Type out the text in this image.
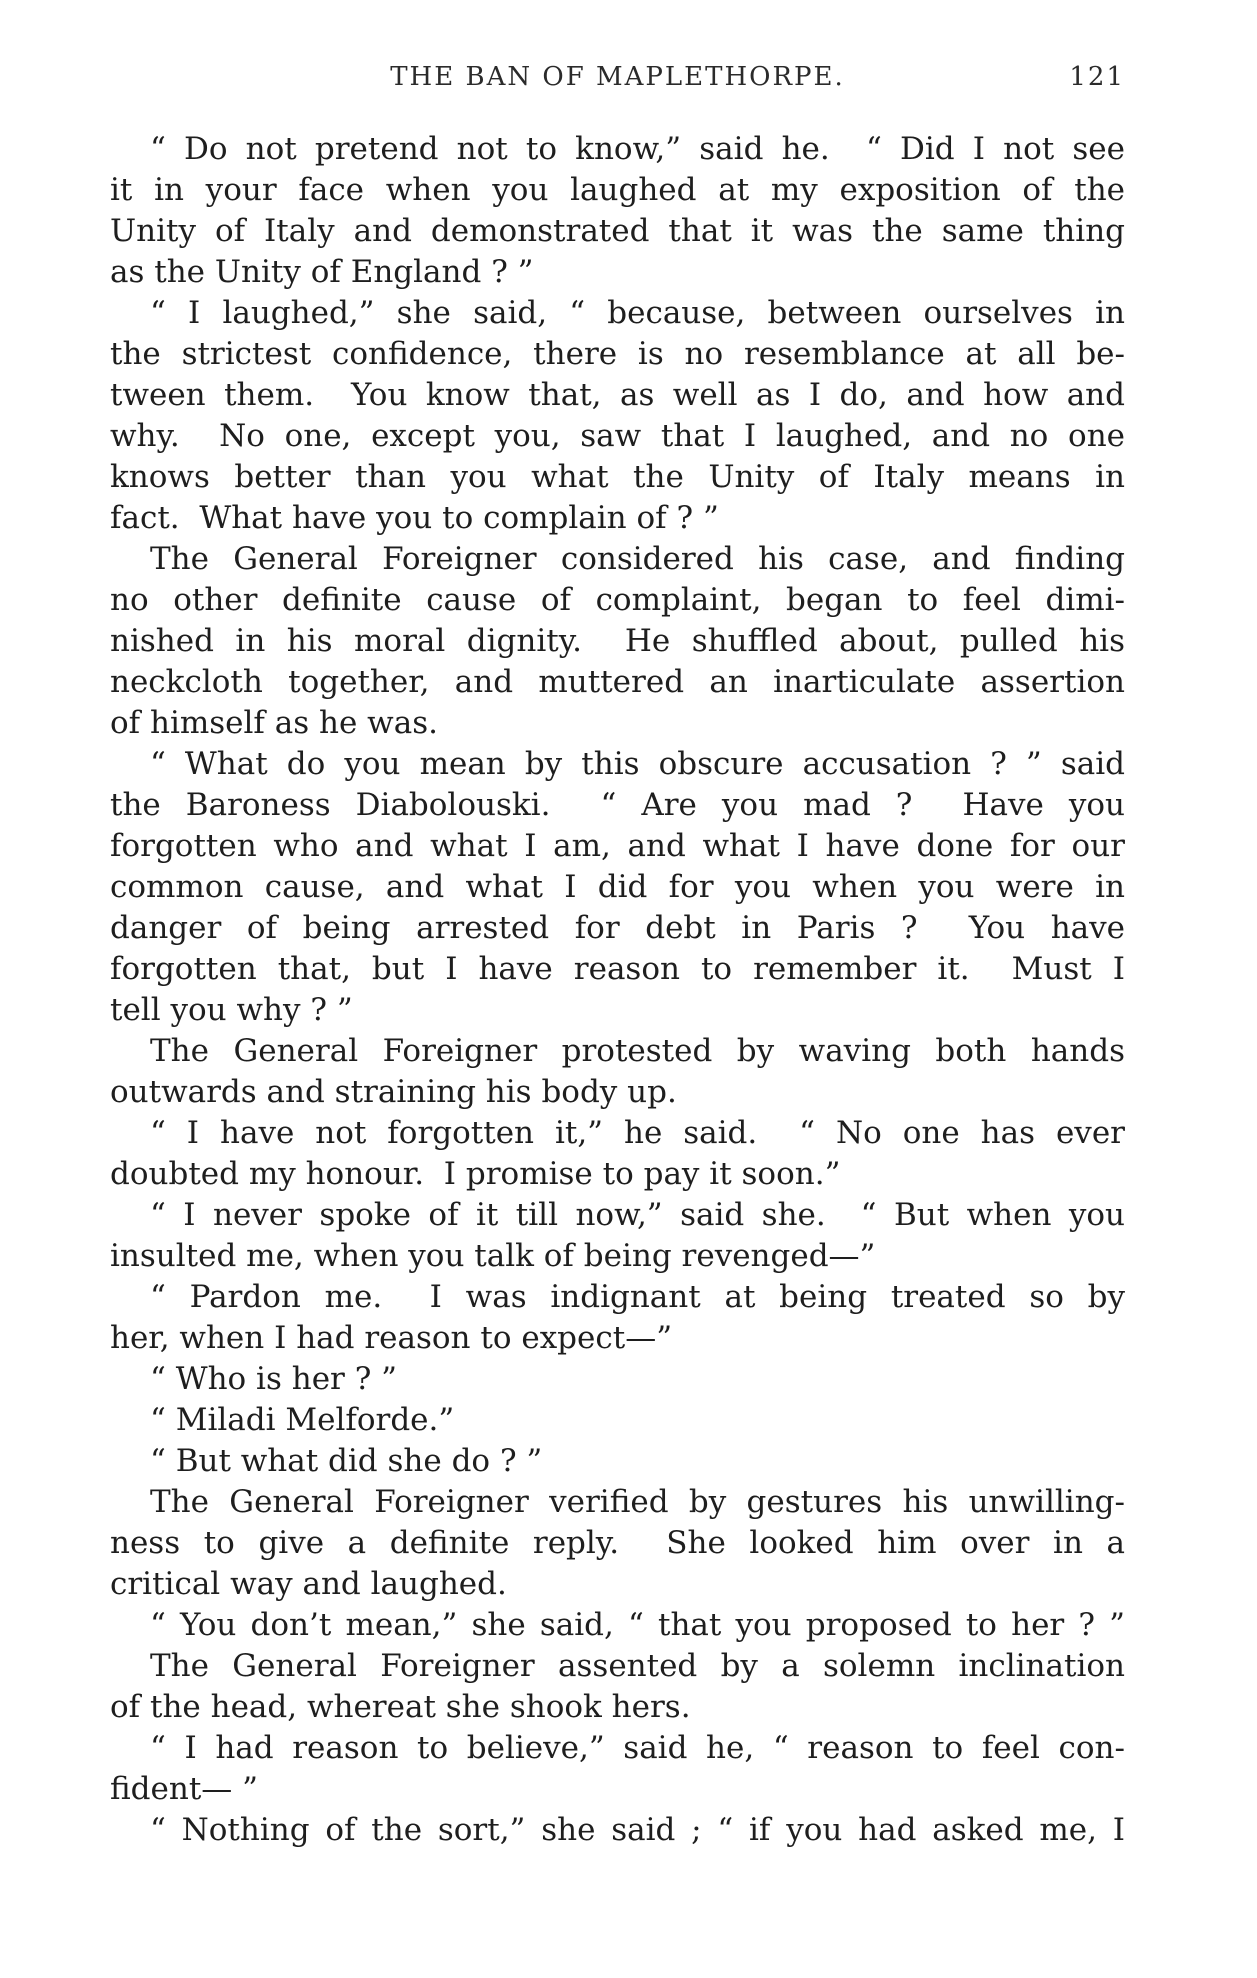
THE BAN OF MAPLETHORPE.	121
“ Do not pretend not to know,” said he.  “ Did I not see
it in your face when you laughed at my exposition of the
Unity of Italy and demonstrated that it was the same thing
as the Unity of England ? ”
“ I laughed,” she said, “ because, between ourselves in
the strictest confidence, there is no resemblance at all be-
tween them.  You know that, as well as I do, and how and
why.  No one, except you, saw that I laughed, and no one
knows better than you what the Unity of Italy means in
fact.  What have you to complain of ? ”
The General Foreigner considered his case, and finding
no other definite cause of complaint, began to feel dimi-
nished in his moral dignity.  He shuffled about, pulled his
neckcloth together, and muttered an inarticulate assertion
of himself as he was.
“ What do you mean by this obscure accusation ? ” said
the Baroness Diabolouski.  “ Are you mad ?  Have you
forgotten who and what I am, and what I have done for our
common cause, and what I did for you when you were in
danger of being arrested for debt in Paris ?  You have
forgotten that, but I have reason to remember it.  Must I
tell you why ? ”
The General Foreigner protested by waving both hands
outwards and straining his body up.
“ I have not forgotten it,” he said.  “ No one has ever
doubted my honour.  I promise to pay it soon.”
“ I never spoke of it till now,” said she.  “ But when you
insulted me, when you talk of being revenged—”
“ Pardon me.  I was indignant at being treated so by
her, when I had reason to expect—”
“ Who is her ? ”
“ Miladi Melforde.”
“ But what did she do ? ”
The General Foreigner verified by gestures his unwilling-
ness to give a definite reply.  She looked him over in a
critical way and laughed.
“ You don’t mean,” she said, “ that you proposed to her ? ”
The General Foreigner assented by a solemn inclination
of the head, whereat she shook hers.
“ I had reason to believe,” said he, “ reason to feel con-
fident— ”
“ Nothing of the sort,” she said ; “ if you had asked me, I
